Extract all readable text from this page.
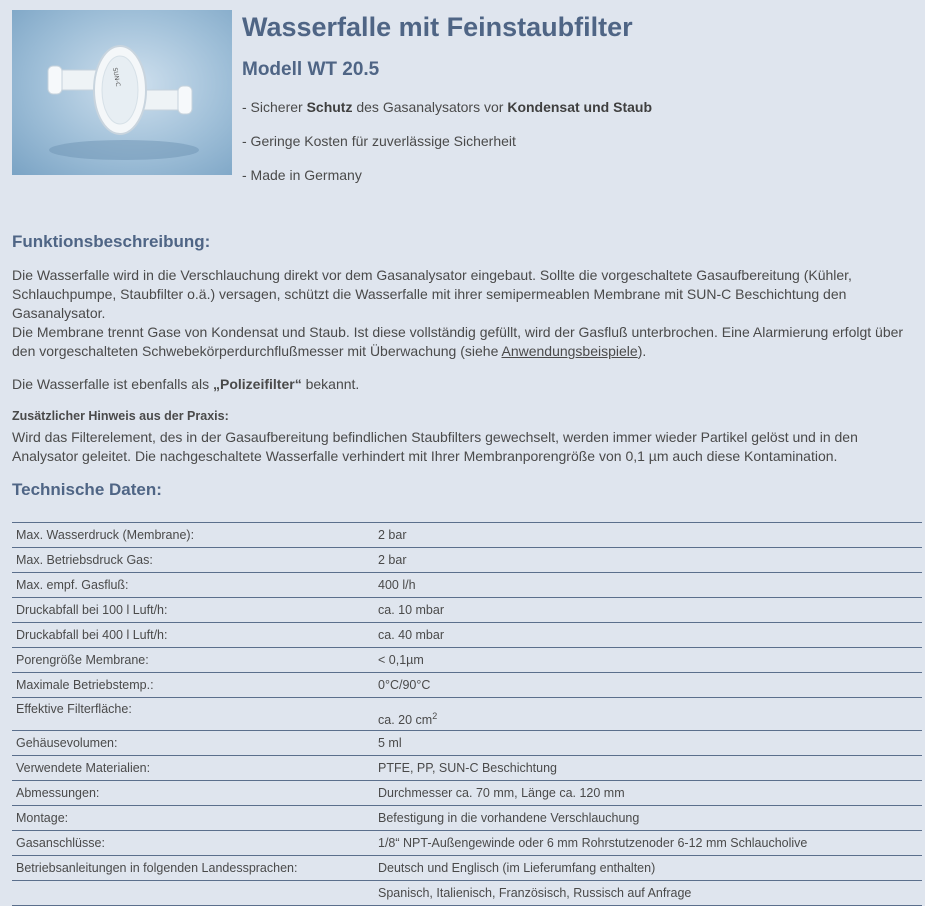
SUN-C
Wasserfalle mit Feinstaubfilter
Modell WT 20.5
- Sicherer Schutz des Gasanalysators vor Kondensat und Staub
- Geringe Kosten für zuverlässige Sicherheit
- Made in Germany
Funktionsbeschreibung:

Die Wasserfalle wird in die Verschlauchung direkt vor dem Gasanalysator eingebaut. Sollte die vorgeschaltete Gasaufbereitung (Kühler, Schlauchpumpe, Staubfilter o.ä.) versagen, schützt die Wasserfalle mit ihrer semipermeablen Membrane mit SUN-C Beschichtung den Gasanalysator.

Die Membrane trennt Gase von Kondensat und Staub. Ist diese vollständig gefüllt, wird der Gasfluß unterbrochen. Eine Alarmierung erfolgt über den vorgeschalteten Schwebekörperdurchflußmesser mit Überwachung (siehe Anwendungsbeispiele).

Die Wasserfalle ist ebenfalls als „Polizeifilter“ bekannt.

Zusätzlicher Hinweis aus der Praxis:

Wird das Filterelement, des in der Gasaufbereitung befindlichen Staubfilters gewechselt, werden immer wieder Partikel gelöst und in den Analysator geleitet. Die nachgeschaltete Wasserfalle verhindert mit Ihrer Membranporengröße von 0,1 µm auch diese Kontamination.

Technische Daten:
Max. Wasserdruck (Membrane):	2 bar
Max. Betriebsdruck Gas:	2 bar
Max. empf. Gasfluß:	400 l/h
Druckabfall bei 100 l Luft/h:	ca. 10 mbar
Druckabfall bei 400 l Luft/h:	ca. 40 mbar
Porengröße Membrane:	< 0,1µm
Maximale Betriebstemp.:	0°C/90°C
Effektive Filterfläche:	ca. 20 $cm^2$
Gehäusevolumen:	5 ml
Verwendete Materialien:	PTFE, PP, SUN-C Beschichtung
Abmessungen:	Durchmesser ca. 70 mm, Länge ca. 120 mm
Montage:	Befestigung in die vorhandene Verschlauchung
Gasanschlüsse:	1/8“ NPT-Außengewinde oder 6 mm Rohrstutzenoder 6-12 mm Schlaucholive
Betriebsanleitungen in folgenden Landessprachen:	Deutsch und Englisch (im Lieferumfang enthalten)
	Spanisch, Italienisch, Französisch, Russisch auf Anfrage
